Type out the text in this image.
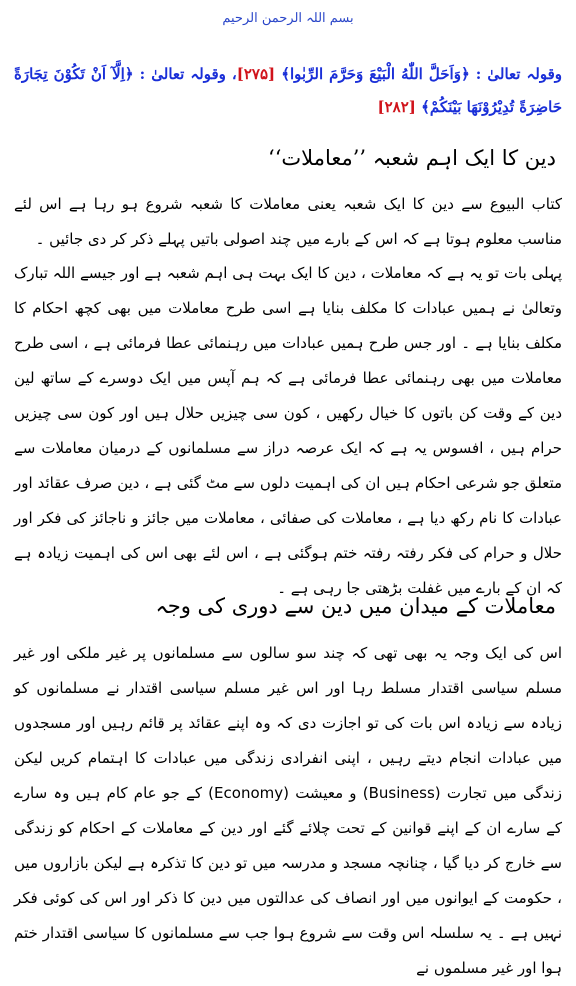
بسم اللہ الرحمن الرحیم
وقولہ تعالیٰ : ﴿وَاَحَلَّ اللّٰهُ الْبَيْعَ وَحَرَّمَ الرِّبٰوا﴾ [۲۷۵]، وقولہ تعالیٰ : ﴿اِلَّآ اَنْ تَكُوْنَ تِجَارَةً حَاضِرَةً تُدِيْرُوْنَهَا بَيْنَكُمْ﴾ [۲۸۲]
دین کا ایک اہم شعبہ ’’معاملات‘‘
کتاب البیوع سے دین کا ایک شعبہ یعنی معاملات کا شعبہ شروع ہو رہا ہے اس لئے مناسب معلوم ہوتا ہے کہ اس کے بارے میں چند اصولی باتیں پہلے ذکر کر دی جائیں ۔
پہلی بات تو یہ ہے کہ معاملات ، دین کا ایک بہت ہی اہم شعبہ ہے اور جیسے اللہ تبارک وتعالیٰ نے ہمیں عبادات کا مکلف بنایا ہے اسی طرح معاملات میں بھی کچھ احکام کا مکلف بنایا ہے ۔ اور جس طرح ہمیں عبادات میں رہنمائی عطا فرمائی ہے ، اسی طرح معاملات میں بھی رہنمائی عطا فرمائی ہے کہ ہم آپس میں ایک دوسرے کے ساتھ لین دین کے وقت کن باتوں کا خیال رکھیں ، کون سی چیزیں حلال ہیں اور کون سی چیزیں حرام ہیں ، افسوس یہ ہے کہ ایک عرصہ دراز سے مسلمانوں کے درمیان معاملات سے متعلق جو شرعی احکام ہیں ان کی اہمیت دلوں سے مٹ گئی ہے ، دین صرف عقائد اور عبادات کا نام رکھ دیا ہے ، معاملات کی صفائی ، معاملات میں جائز و ناجائز کی فکر اور حلال و حرام کی فکر رفتہ رفتہ ختم ہوگئی ہے ، اس لئے بھی اس کی اہمیت زیادہ ہے کہ ان کے بارے میں غفلت بڑھتی جا رہی ہے ۔
معاملات کے میدان میں دین سے دوری کی وجہ
اس کی ایک وجہ یہ بھی تھی کہ چند سو سالوں سے مسلمانوں پر غیر ملکی اور غیر مسلم سیاسی اقتدار مسلط رہا اور اس غیر مسلم سیاسی اقتدار نے مسلمانوں کو زیادہ سے زیادہ اس بات کی تو اجازت دی کہ وہ اپنے عقائد پر قائم رہیں اور مسجدوں میں عبادات انجام دیتے رہیں ، اپنی انفرادی زندگی میں عبادات کا اہتمام کریں لیکن زندگی میں تجارت (Business) و معیشت (Economy) کے جو عام کام ہیں وہ سارے کے سارے ان کے اپنے قوانین کے تحت چلائے گئے اور دین کے معاملات کے احکام کو زندگی سے خارج کر دیا گیا ، چنانچہ مسجد و مدرسہ میں تو دین کا تذکرہ ہے لیکن بازاروں میں ، حکومت کے ایوانوں میں اور انصاف کی عدالتوں میں دین کا ذکر اور اس کی کوئی فکر نہیں ہے ۔ یہ سلسلہ اس وقت سے شروع ہوا جب سے مسلمانوں کا سیاسی اقتدار ختم ہوا اور غیر مسلموں نے
